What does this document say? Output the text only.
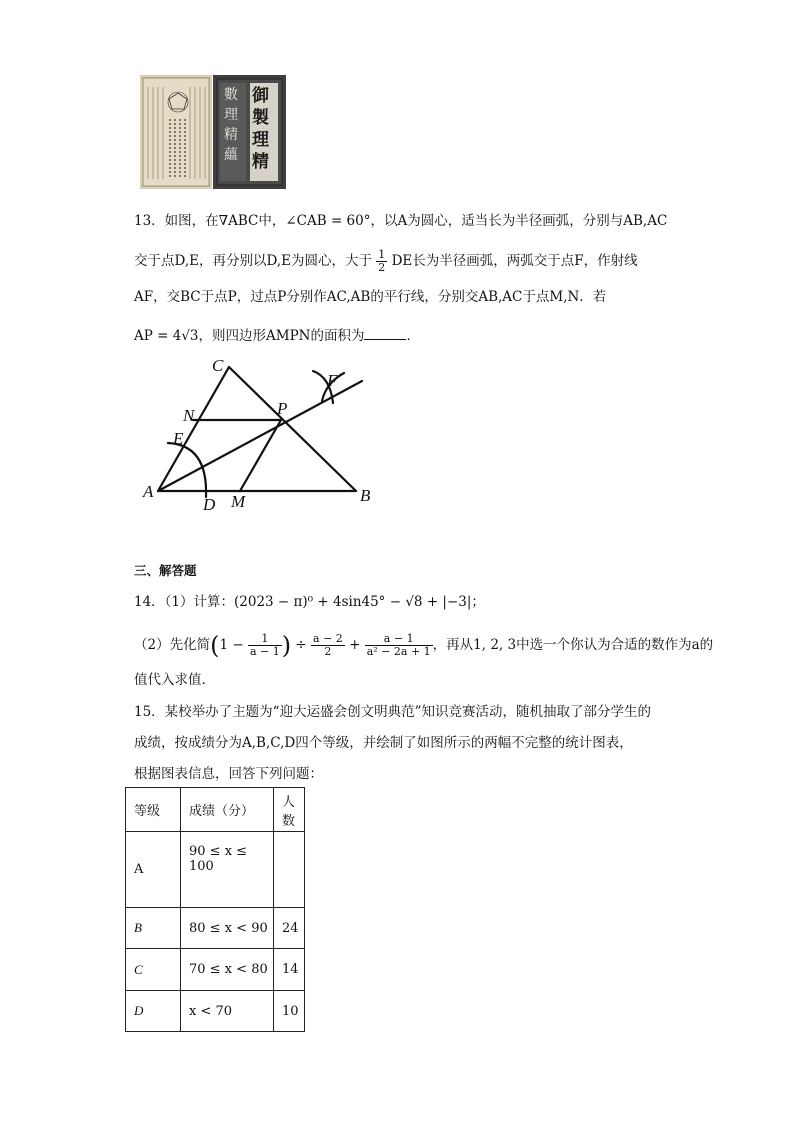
御
製
理
精
數
理
精
蘊
13．如图，在∇ABC中，∠CAB = 60°，以A为圆心，适当长为半径画弧，分别与AB,AC
交于点D,E，再分别以D,E为圆心，大于 $\frac{1}{2}$ DE长为半径画弧，两弧交于点F，作射线
AF，交BC于点P，过点P分别作AC,AB的平行线，分别交AB,AC于点M,N．若
AP = 4√3，则四边形AMPN的面积为	．
A	B
C
D
E
F
M
N	P
三、解答题
14．（1）计算：(2023 − π)⁰ + 4sin45° − √8 + |−3|；
（2）先化简($1 - \frac{1}{a - 1}$ ) ÷ $\frac{a - 2}{2} + \frac{a - 1}{\text{a² − 2a + 1}}$ ，再从1, 2, 3中选一个你认为合适的数作为a的
值代入求值.
15．某校举办了主题为“迎大运盛会创文明典范”知识竞赛活动，随机抽取了部分学生的
成绩，按成绩分为A,B,C,D四个等级，并绘制了如图所示的两幅不完整的统计图表，
根据图表信息，回答下列问题：
等级	成绩（分）	人数
A	90 ≤ x ≤ 100	
B	80 ≤ x < 90	24
C	70 ≤ x < 80	14
D	x < 70	10
